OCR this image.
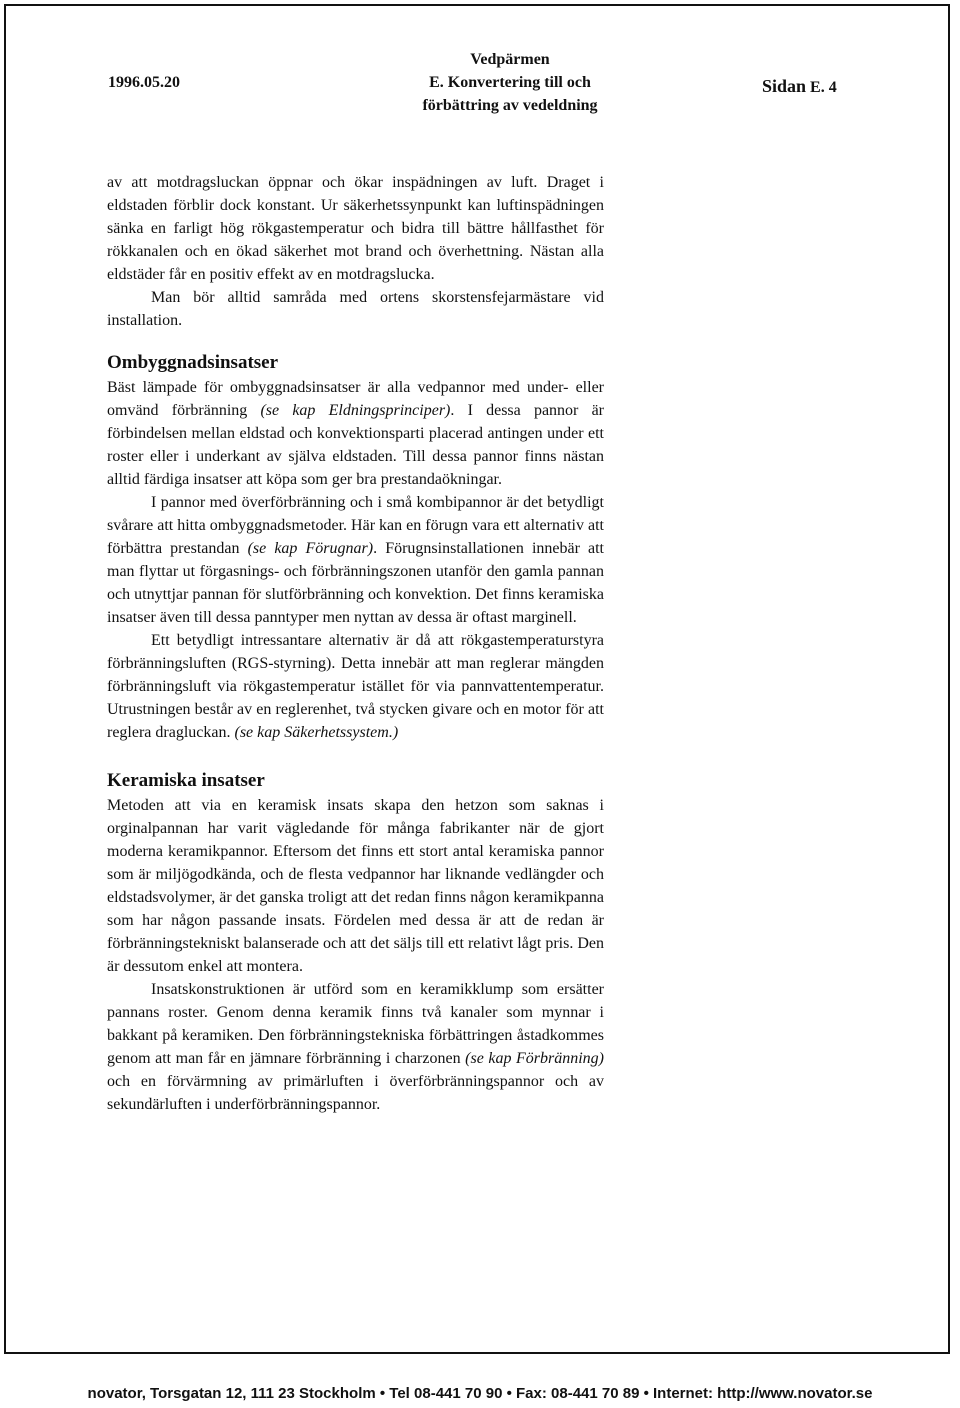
1996.05.20
Vedpärmen
E. Konvertering till och
förbättring av vedeldning
Sidan E. 4

av att motdragsluckan öppnar och ökar inspädningen av luft. Draget i eldstaden förblir dock konstant. Ur säkerhetssynpunkt kan luftinspädningen sänka en farligt hög rökgastemperatur och bidra till bättre hållfasthet för rökkanalen och en ökad säkerhet mot brand och överhettning. Nästan alla eldstäder får en positiv effekt av en motdragslucka.

Man bör alltid samråda med ortens skorstensfejarmästare vid installation.

Ombyggnadsinsatser

Bäst lämpade för ombyggnadsinsatser är alla vedpannor med under- eller omvänd förbränning (se kap Eldningsprinciper). I dessa pannor är förbindelsen mellan eldstad och konvektionsparti placerad antingen under ett roster eller i underkant av själva eldstaden. Till dessa pannor finns nästan alltid färdiga insatser att köpa som ger bra prestandaökningar.

I pannor med överförbränning och i små kombipannor är det betydligt svårare att hitta ombyggnadsmetoder. Här kan en förugn vara ett alternativ att förbättra prestandan (se kap Förugnar). Förugnsinstallationen innebär att man flyttar ut förgasnings- och förbränningszonen utanför den gamla pannan och utnyttjar pannan för slutförbränning och konvektion. Det finns keramiska insatser även till dessa panntyper men nyttan av dessa är oftast marginell.

Ett betydligt intressantare alternativ är då att rökgastemperaturstyra förbränningsluften (RGS-styrning). Detta innebär att man reglerar mängden förbränningsluft via rökgastemperatur istället för via pannvattentemperatur. Utrustningen består av en reglerenhet, två stycken givare och en motor för att reglera dragluckan. (se kap Säkerhetssystem.)

Keramiska insatser

Metoden att via en keramisk insats skapa den hetzon som saknas i orginalpannan har varit vägledande för många fabrikanter när de gjort moderna keramikpannor. Eftersom det finns ett stort antal keramiska pannor som är miljögodkända, och de flesta vedpannor har liknande vedlängder och eldstadsvolymer, är det ganska troligt att det redan finns någon keramikpanna som har någon passande insats. Fördelen med dessa är att de redan är förbränningstekniskt balanserade och att det säljs till ett relativt lågt pris. Den är dessutom enkel att montera.

Insatskonstruktionen är utförd som en keramikklump som ersätter pannans roster. Genom denna keramik finns två kanaler som mynnar i bakkant på keramiken. Den förbränningstekniska förbättringen åstadkommes genom att man får en jämnare förbränning i charzonen (se kap Förbränning) och en förvärmning av primärluften i överförbränningspannor och av sekundärluften i underförbränningspannor.

novator, Torsgatan 12, 111 23 Stockholm • Tel 08-441 70 90 • Fax: 08-441 70 89 • Internet: http://www.novator.se
